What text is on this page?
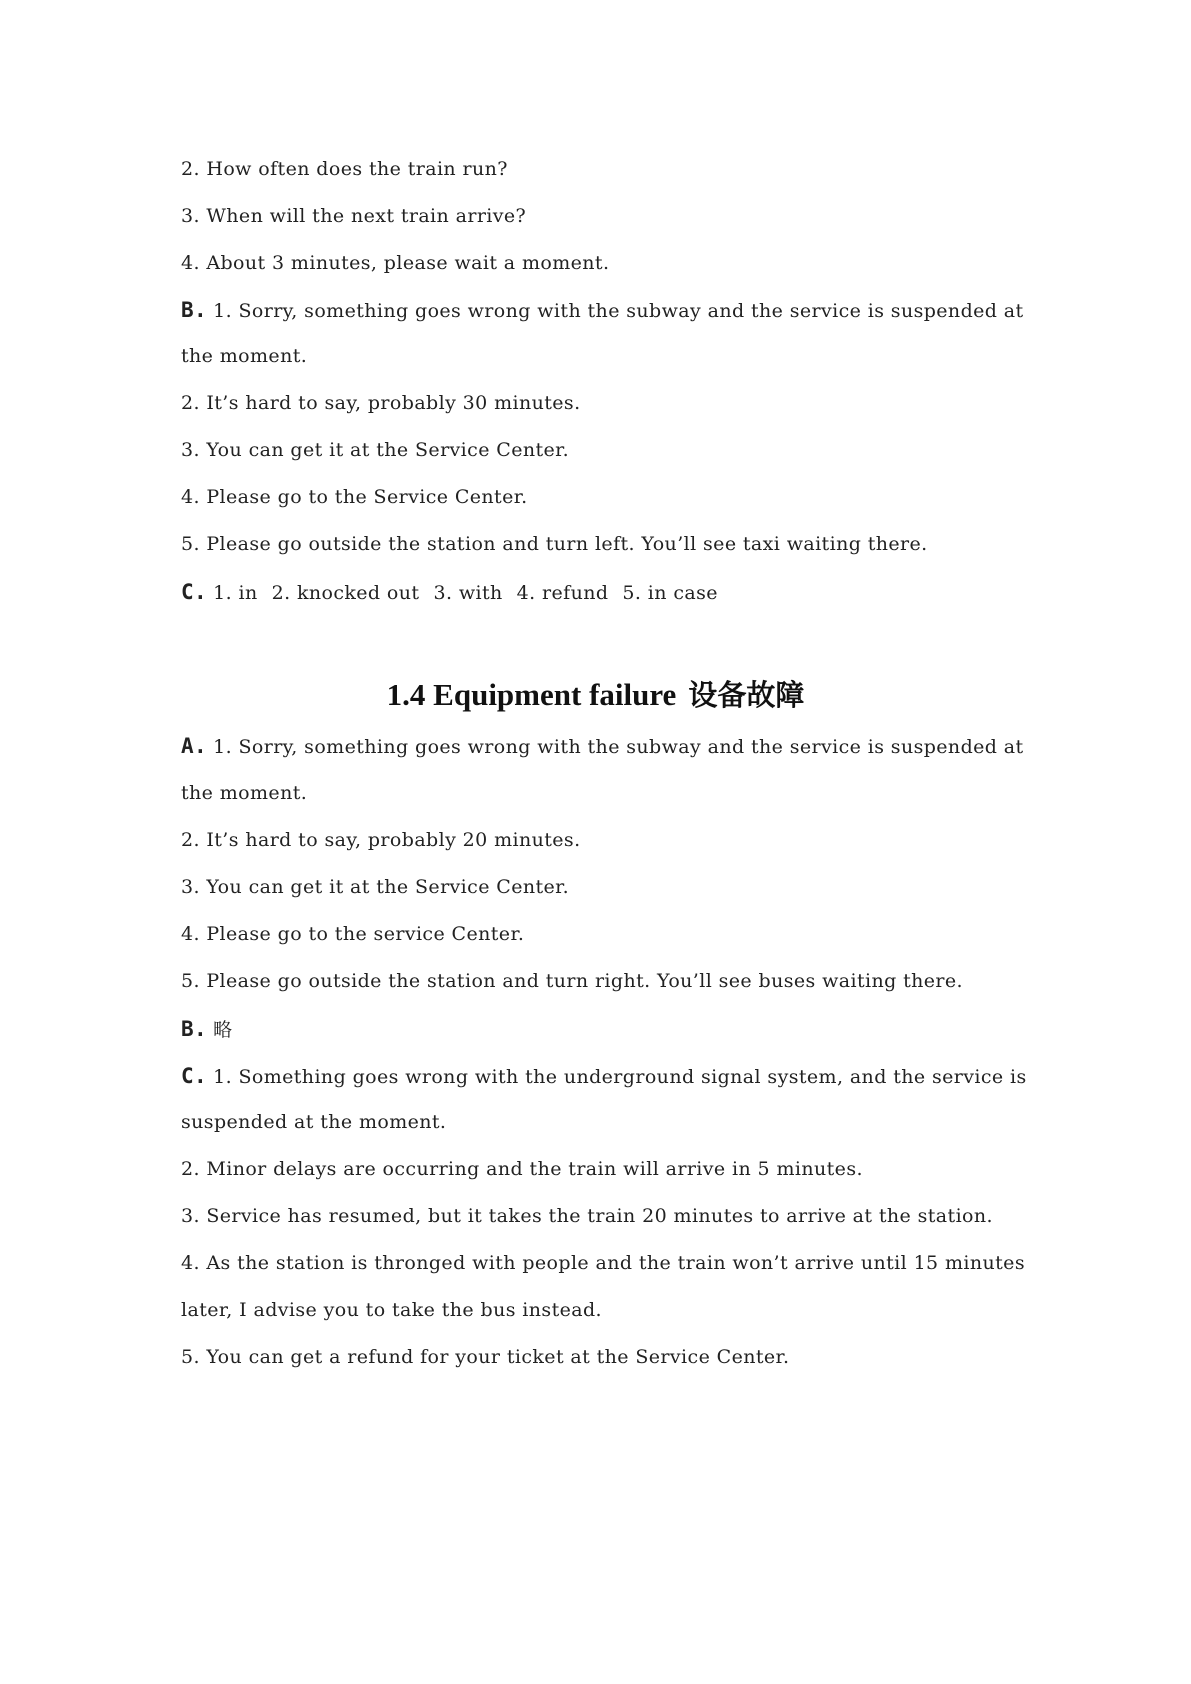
2. How often does the train run?
3. When will the next train arrive?
4. About 3 minutes, please wait a moment.
B. 1. Sorry, something goes wrong with the subway and the service is suspended at
the moment.
2. It’s hard to say, probably 30 minutes.
3. You can get it at the Service Center.
4. Please go to the Service Center.
5. Please go outside the station and turn left. You’ll see taxi waiting there.
C. 1. in 2. knocked out 3. with 4. refund 5. in case
1.4 Equipment failure 设备故障
A. 1. Sorry, something goes wrong with the subway and the service is suspended at
the moment.
2. It’s hard to say, probably 20 minutes.
3. You can get it at the Service Center.
4. Please go to the service Center.
5. Please go outside the station and turn right. You’ll see buses waiting there.
B. 略
C. 1. Something goes wrong with the underground signal system, and the service is
suspended at the moment.
2. Minor delays are occurring and the train will arrive in 5 minutes.
3. Service has resumed, but it takes the train 20 minutes to arrive at the station.
4. As the station is thronged with people and the train won’t arrive until 15 minutes
later, I advise you to take the bus instead.
5. You can get a refund for your ticket at the Service Center.
